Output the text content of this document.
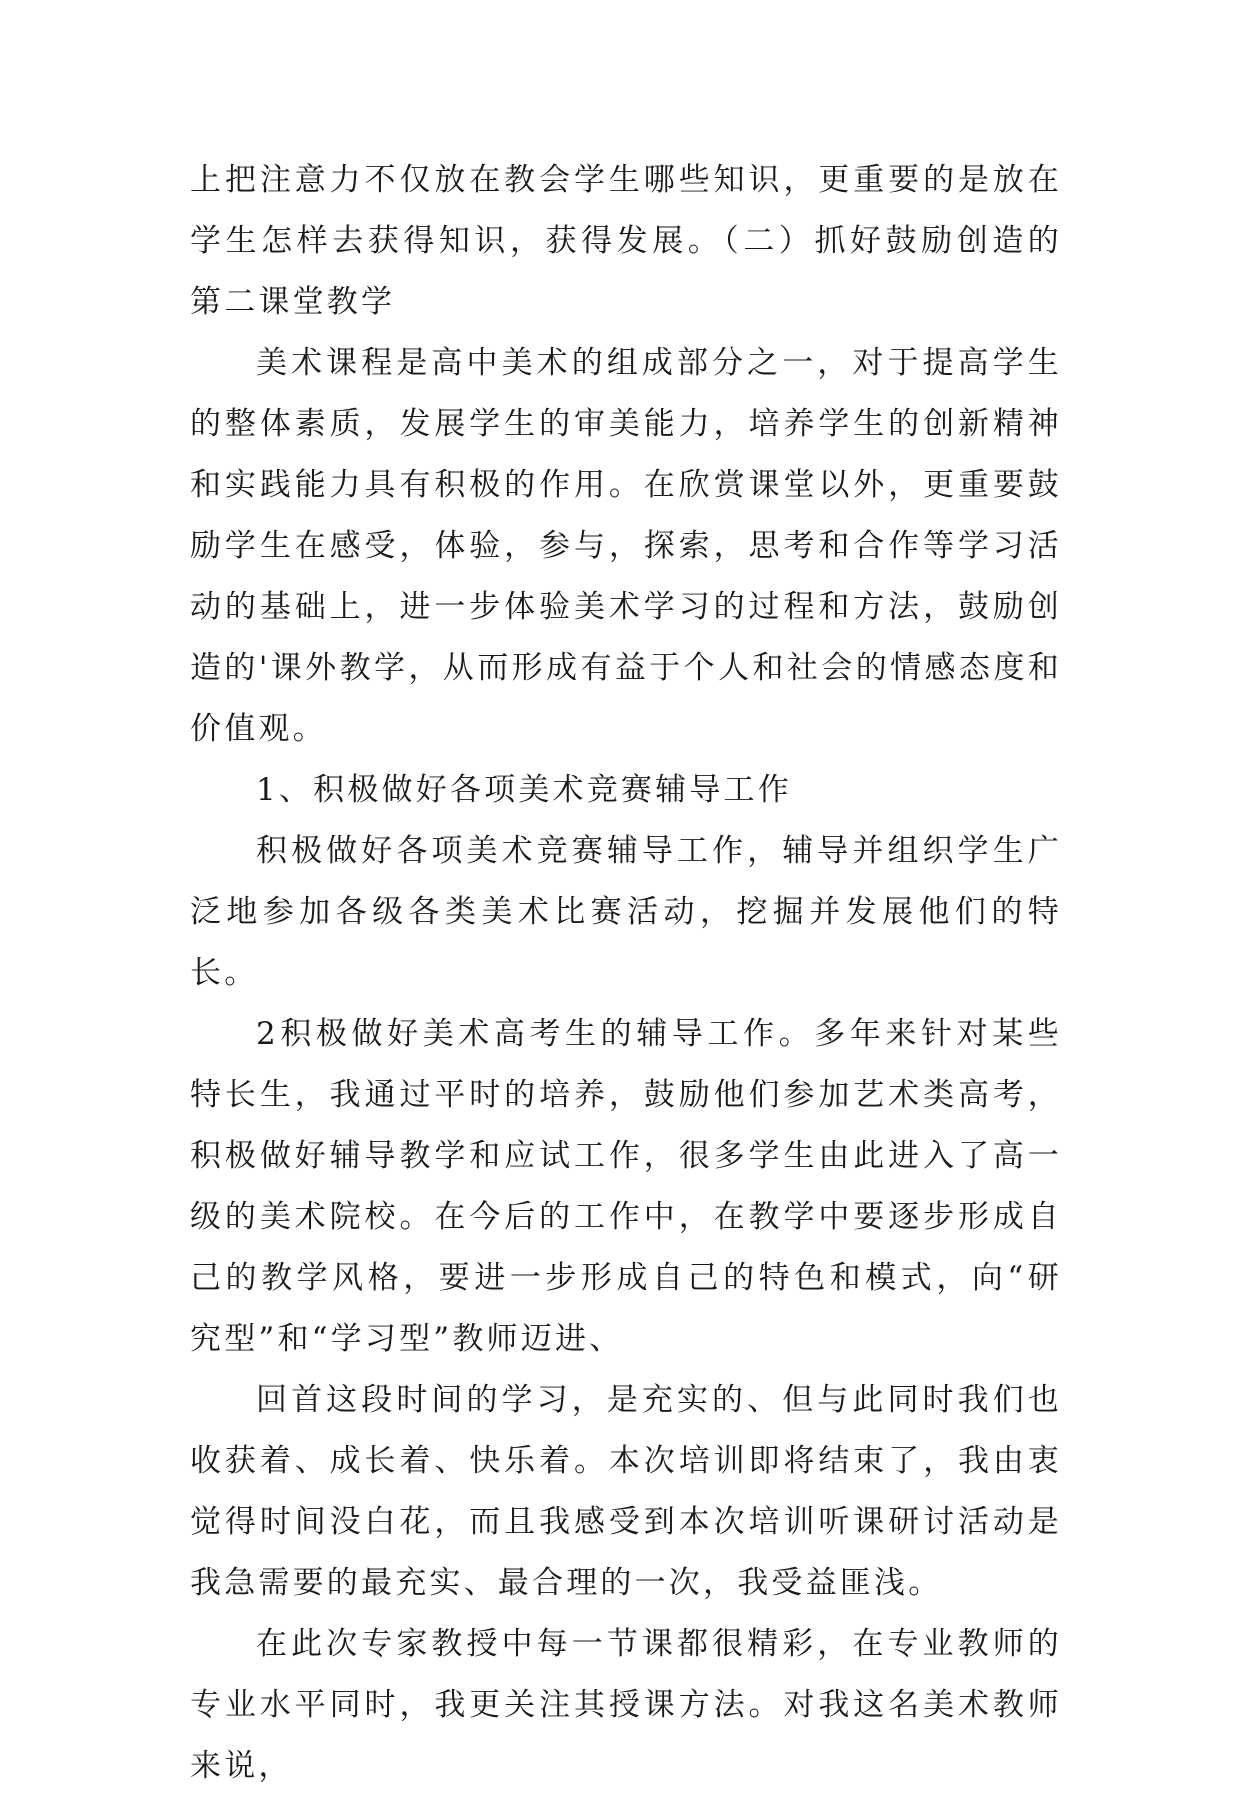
上把注意力不仅放在教会学生哪些知识，更重要的是放在学生怎样去获得知识，获得发展。（二）抓好鼓励创造的第二课堂教学

美术课程是高中美术的组成部分之一，对于提高学生的整体素质，发展学生的审美能力，培养学生的创新精神和实践能力具有积极的作用。在欣赏课堂以外，更重要鼓励学生在感受，体验，参与，探索，思考和合作等学习活动的基础上，进一步体验美术学习的过程和方法，鼓励创造的'课外教学，从而形成有益于个人和社会的情感态度和价值观。

1、积极做好各项美术竞赛辅导工作

积极做好各项美术竞赛辅导工作，辅导并组织学生广泛地参加各级各类美术比赛活动，挖掘并发展他们的特长。

2积极做好美术高考生的辅导工作。多年来针对某些特长生，我通过平时的培养，鼓励他们参加艺术类高考，积极做好辅导教学和应试工作，很多学生由此进入了高一级的美术院校。在今后的工作中，在教学中要逐步形成自己的教学风格，要进一步形成自己的特色和模式，向“研究型”和“学习型”教师迈进、

回首这段时间的学习，是充实的、但与此同时我们也收获着、成长着、快乐着。本次培训即将结束了，我由衷觉得时间没白花，而且我感受到本次培训听课研讨活动是我急需要的最充实、最合理的一次，我受益匪浅。

在此次专家教授中每一节课都很精彩，在专业教师的专业水平同时，我更关注其授课方法。对我这名美术教师来说，
